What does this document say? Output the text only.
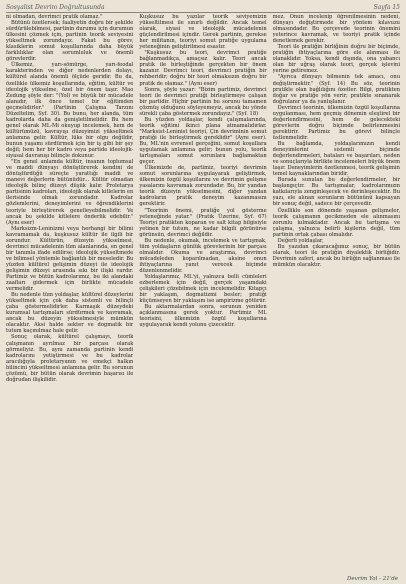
Sosyalist Devrim Doğrultusunda	Sayfa 15

ni olmadan, devrimci pratik olamaz."

Bütünü özetlersek; faaliyetin doğru bir şekilde sürdürülebilmesi, partinin durumu için durumun ülkesini çözmek için, partinin teorik seviyesini yükseltmek zorundayız. Fakat bu görev, klasiklerin somut koşullarında daha büyük farklılıklar olan sorumluluk ve önemli görevlerdir.

Ülkemiz, yarı-sömürge, yarı-feodal karakterinden ve diğer nedenlerden dolayı, kültürel alanda önemli ölçüde geridir. Bu da, özellikle ülkemiz koşullarında, eğitim, kültür ve ideolojik yükselme, özel bir önem taşır. Mao Zedung şöyle der: "(Yol) ve büyük bir mücadele alanıdır, ilk önce temel bir eğitimden geçmelidirler." (Partinin Çalışma Tarzını Düzeltelim, Syf. 30). Bu bunu, her alanda, tüm kadrolarda daha da genişletilmelidir. Bu hem genel olarak ML-Mi okuyup incelemek, hem de kültürümüzü, kavrayışı düzeyimizi yükseltmek anlamına gelir. Kültür, lüks bir olgu değildir, bunun yaşamı sürdürmek için bir iş gibi bir şey değil; hem her bir kadro veya partide ideolojik-siyasal davranışı bilinçle dokunur.

"En genel anlamda kültür, insanın toplumsal ve maddi dünyayı dönüştürerek kendini de dönüştürdüğü süreçte yarattığı maddi ve manevi değerlerin bütünüdür... Kültür olmadan ideolojik bilinç düzeyi düşük kalır. Proletarya partisinin kadroları, ideolojik olarak kitlelerin en ilerisinde olmak zorundadır. Kadrolar gözlemlerini, deneyimlerini ve öğrendiklerini teoriyle birleştirerek genelleyebilmelidir. Ve ancak bu şekilde kitlelere önderlik edebilir." (Aynı eser)

Marksizm-Leninizmi veya herhangi bir bilimi kavramamak da, kuşkusuz kültür ile ilgili bir sorundur. Kültürün, düzeyin yükselmesi, devrimci mücadelenin tüm alanlarında, en genel bir tanımla ifade edilirse; ideolojik yükseltmede ve bilimsel yöntemle bağlantılı bir meseledir. Bu yüzden kültürel gelişimin düzeyi ile ideolojik gelişimin düzeyi arasında sıkı bir ilişki vardır. Partimiz ve bütün kadrolarımız, bu iki alandaki zaafları gidermek için birlikte mücadele vermelidir.

Bu nedenle tüm yoldaşlar, kültürel düzeylerini yükseltmek için çok daha sistemli ve bilinçli çaba göstermelidirler. Karmaşık düzeydeki kuramsal tartışmaları sürdürmek ve kavramak, ancak bu düzeyin yükselmesiyle mümkün olacaktır. Aksi halde sekter ve dogmatik bir tutum kaçınılmaz hale gelir.

Sonuç olarak, kültürel çalışmayı, teorik çalışmanın ayrılmaz bir parçası olarak görmeliyiz. Bu, aynı zamanda partinin kendi kadrolarını yetiştirmesi ve bu kadrolar aracılığıyla proletaryanın ve emekçi halkın bilincini yükseltmesi anlamına gelir. Bu sorunun çözümü, bir bütün olarak devrimin başarısı ile doğrudan ilişkilidir.

Kuşkusuz bu yazılar teorik seviyemizin yükseltilmesi ile sınırlı değildir. Ancak temel olarak, siyasi ve ideolojik mücadelenin güçlendirilmesi içindir. Gerek partinin, gerekse her militanın, teoriyi somut pratiğe uygulama yeteneğinin geliştirilmesi esastır.

"Kuşkusuz bu teori, devrimci pratiğe bağlanmadıkça, amaçsız kalır. Teori ancak pratik ile birleştiğinde gerçekten bir önem kazanır. Devrimci teori, devrimci pratiğin bir rehberidir; doğru bir teori olmaksızın doğru bir pratik de olamaz." (Aynı eser)

Sonra, şöyle yazar: "Bizim partimiz, devrimci teori ile devrimci pratiği birleştirmeye çalışan bir partidir. Hiçbir partinin bu sorunu tamamen çözmüş olduğunu söyleyemeyiz, ancak bu yönde sürekli çaba göstermek zorundayız." (Syf. 18)

Bu yüzden yoldaşlar, kendi çalışmalarında, teorik eğitimi ikinci plana atmamalıdırlar. "Marksist-Leninist teoriyi, Çin devriminin somut pratiği ile birleştirmek gereklidir" (Aynı eser). Bu, ML'nin evrensel gerçeğini, somut koşullara uygulamak anlamına gelir; bunun yolu, teorik tartışmaları somut sorunlara bağlamaktan geçer.

Ülkemizde de, partimiz, teoriyi devrimin somut sorunlarına uygulayarak geliştirmek, ülkemizin özgül koşullarını ve devrimin gelişme yasalarını kavramak zorundadır. Bu, bir yandan teorik düzeyin yükselmesini, diğer yandan kadroların pratik deneyim kazanmasını gerektirir.

"Teorinin önemi, pratiğe yol gösterme yeteneğinde yatar." (Pratik Üzerine, Syf. 67) Teoriyi pratikten koparan ve salt kitap bilgisiyle yetinen bir tutum, ne kadar bilgili görünürse görünsün, devrimci değildir.

Bu nedenle, okumak, incelemek ve tartışmak, tüm yoldaşların günlük görevlerinin bir parçası olmalıdır. Okuma ve araştırma, devrimci mücadeleden koparılmadan, aksine onun ihtiyaçlarına yanıt verecek biçimde düzenlenmelidir.

Yoldaşlarımız, ML'yi, yalnızca belli cümleleri ezberlemek için değil, gerçek yaşamdaki çelişkileri çözebilmek için incelemelidir. Kitapçı bir yaklaşım, dogmatizmi besler; pratiği küçümseyen bir yaklaşım ise ampirizme götürür.

Bu aktarmalardan sonra, sorunun yeniden açıklanmasına gerek yoktur. Partimiz ML teorisini, ülkemizin özgül koşullarına uygulayarak kendi yolunu çizecektir.

mez. Onun incelenip öğrenilmesinin nedeni, dünyayı değiştirmede bir yöntem kılavuzu olmasındadır. Bu çerçevede teorinin önemini yeterince kavramak, ve teoriyi pratik içinde denetlemek gerekir.

Teori ile pratiğin birliğinin doğru bir biçimde, pratiğin ihtiyaçlarına göre ele alınması ile olanaklıdır. Yoksa, kendi dışında, ona yabancı olan bir uğraş olarak teori, gerçek işlevini yerine getiremez.

"Ayrıca dünyayı bilmenin tek amacı, onu değiştirmektir." (Syf. 14) Bu söz, teorinin pratikle olan bağlılığını özetler. Bilgi, pratikten doğar ve pratiğe yön verir; pratikte sınanarak doğrulanır ya da yanlışlanır.

Devrimci teorinin, ülkemizin özgül koşullarına uygulanması, hem geçmiş dönemin eleştirel bir değerlendirmesini, hem de gelecekteki görevlerin doğru biçimde belirlenmesini gerektirir. Partimiz bu görevi bilinçle üstlenmelidir.

Bu bağlamda, yoldaşlarımızın kendi deneyimlerini sistemli biçimde değerlendirmeleri, hataları ve başarıları, neden ve sonuçlarıyla birlikte incelemeleri büyük önem taşır. Deneyimlerin özetlenmesi, teorik gelişimin temel kaynaklarından biridir.

Burada sunulan bu değerlendirmeler, bir başlangıçtır. Bu tartışmalar, kadrolarımızın katkılarıyla zenginleşecek ve derinleşecektir. Bu yazı, ele alınan sorunların bütününü kapsayan bir sonuç değil, sadece bir çerçevedir.

Özellikle son dönemde yaşanan gelişmeler, teorik çalışmanın gecikmeden ele alınmasını zorunlu kılmaktadır. Ancak bu tartışma ve çalışma, yalnızca belirli kişilerin değil, tüm partinin ortak çabası olmalıdır.

Değerli yoldaşlar,

Bu yazıdan çıkaracağımız sonuç, bir bütün olarak, teori ile pratiğin diyalektik birliğidir. Devrimin zaferi, ancak bu birliğin sağlanması ile mümkün olacaktır.

Devrim Yol - 21'de
